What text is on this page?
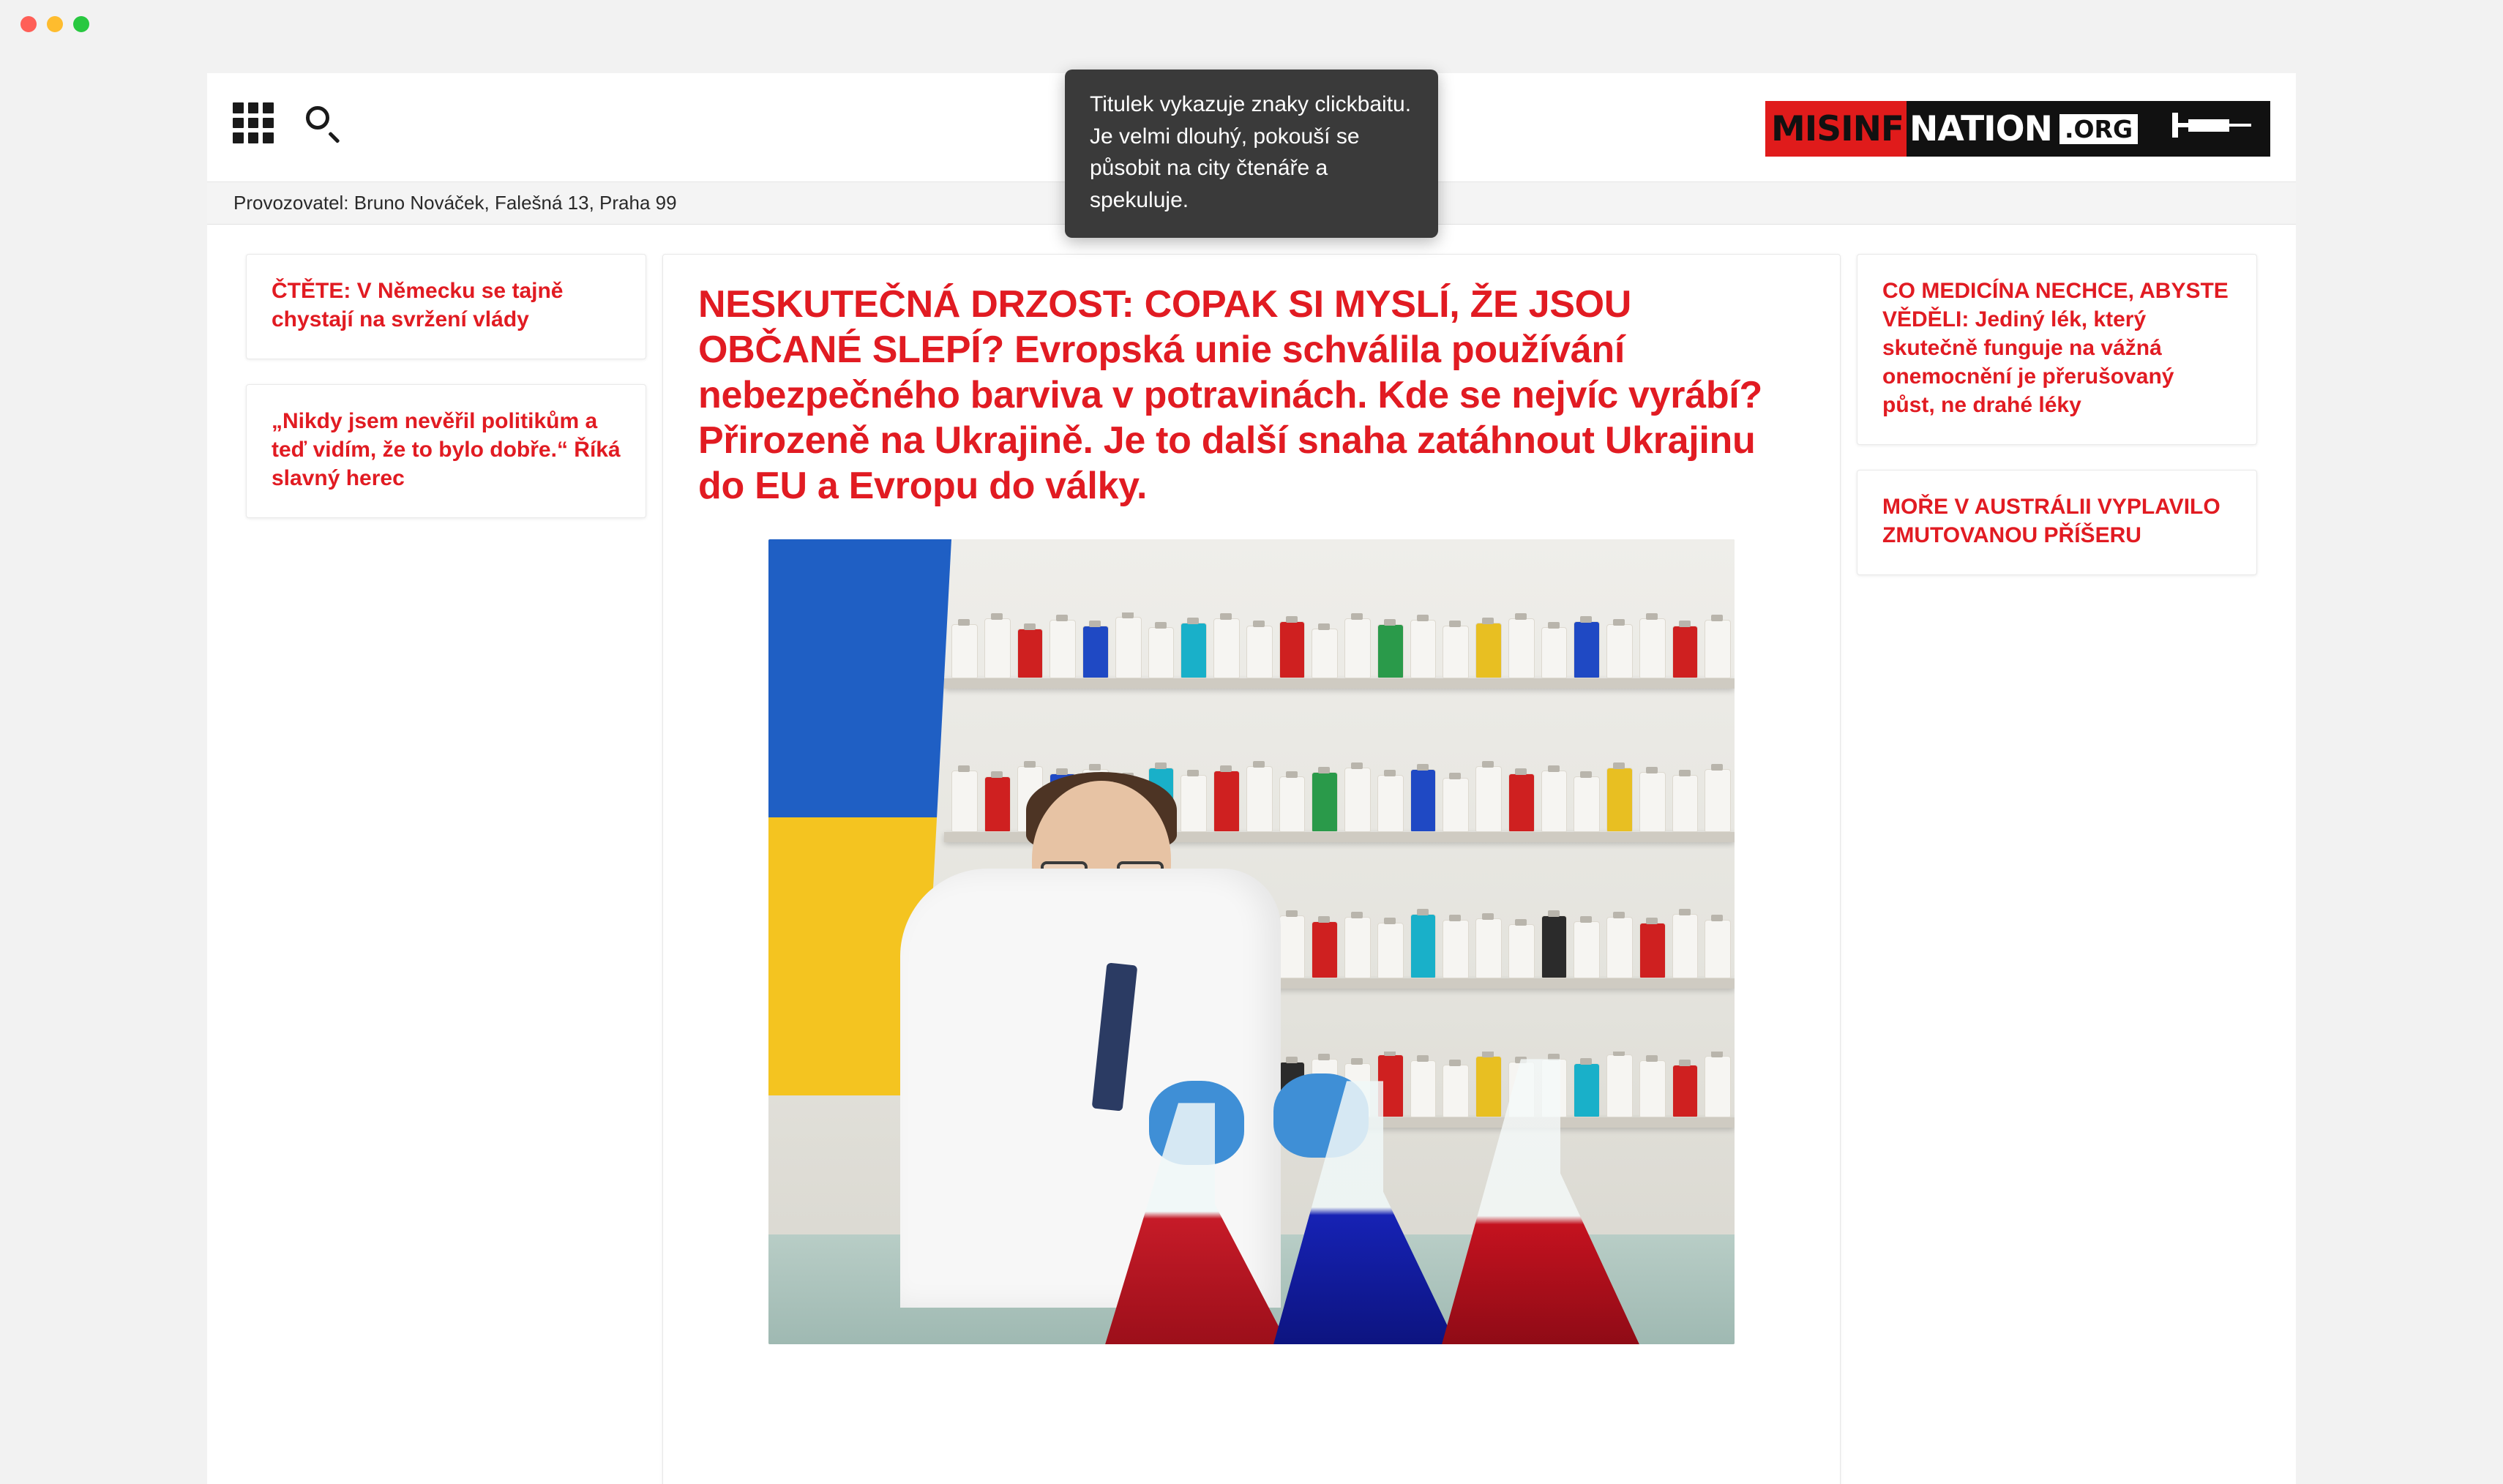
MISINF NATION .ORG
Provozovatel: Bruno Nováček, Falešná 13, Praha 99

ČTĚTE: V Německu se tajně chystají na svržení vlády

„Nikdy jsem nevěřil politikům a teď vidím, že to bylo dobře.“ Říká slavný herec

NESKUTEČNÁ DRZOST: COPAK SI MYSLÍ, ŽE JSOU OBČANÉ SLEPÍ? Evropská unie schválila používání nebezpečného barviva v potravinách. Kde se nejvíc vyrábí? Přirozeně na Ukrajině. Je to další snaha zatáhnout Ukrajinu do EU a Evropu do války.

CO MEDICÍNA NECHCE, ABYSTE VĚDĚLI: Jediný lék, který skutečně funguje na vážná onemocnění je přerušovaný půst, ne drahé léky

MOŘE V AUSTRÁLII VYPLAVILO ZMUTOVANOU PŘÍŠERU

Titulek vykazuje znaky clickbaitu. Je velmi dlouhý, pokouší se působit na city čtenáře a spekuluje.
